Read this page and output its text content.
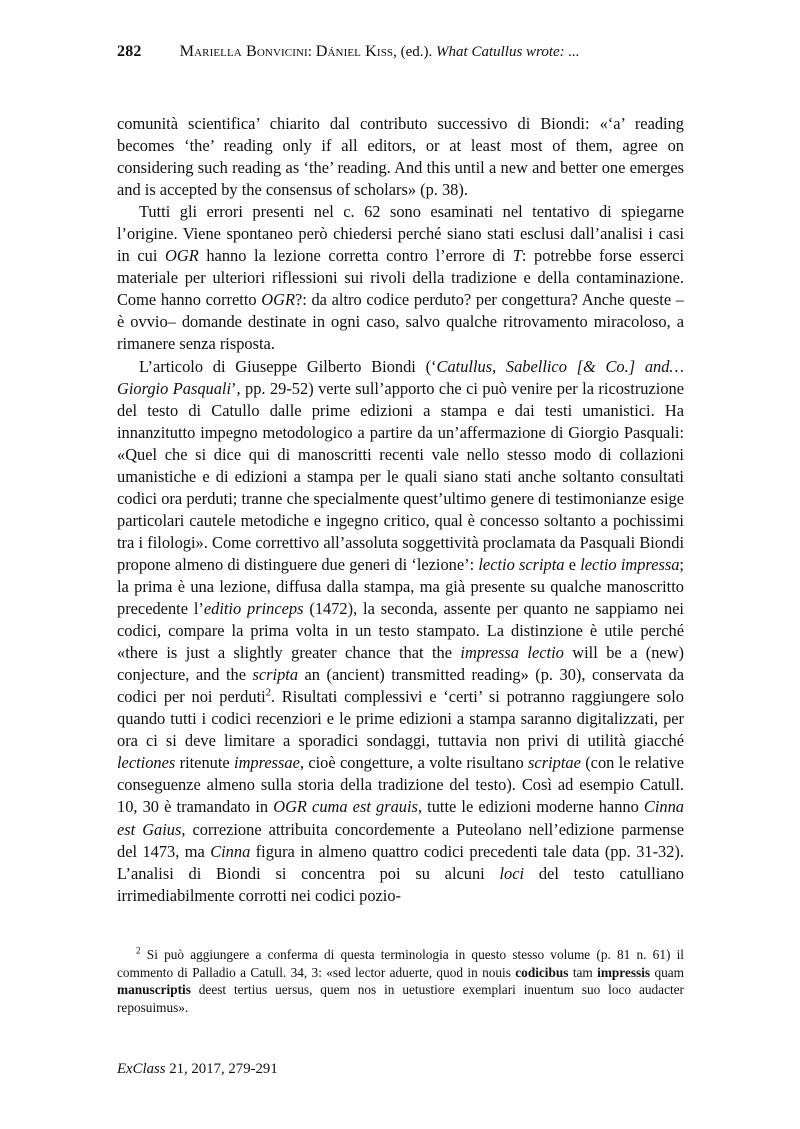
282 Mariella Bonvicini: Dániel Kiss, (ed.). What Catullus wrote: ...

comunità scientifica’ chiarito dal contributo successivo di Biondi: «‘a’ reading becomes ‘the’ reading only if all editors, or at least most of them, agree on considering such reading as ‘the’ reading. And this until a new and better one emerges and is accepted by the consensus of scholars» (p. 38).

Tutti gli errori presenti nel c. 62 sono esaminati nel tentativo di spiegarne l’origine. Viene spontaneo però chiedersi perché siano stati esclusi dall’analisi i casi in cui OGR hanno la lezione corretta contro l’errore di T: potrebbe forse esserci materiale per ulteriori riflessioni sui rivoli della tradizione e della contaminazione. Come hanno corretto OGR?: da altro codice perduto? per congettura? Anche queste –è ovvio– domande destinate in ogni caso, salvo qualche ritrovamento miracoloso, a rimanere senza risposta.

L’articolo di Giuseppe Gilberto Biondi (‘Catullus, Sabellico [& Co.] and… Giorgio Pasquali’, pp. 29-52) verte sull’apporto che ci può venire per la ricostruzione del testo di Catullo dalle prime edizioni a stampa e dai testi umanistici. Ha innanzitutto impegno metodologico a partire da un’affermazione di Giorgio Pasquali: «Quel che si dice qui di manoscritti recenti vale nello stesso modo di collazioni umanistiche e di edizioni a stampa per le quali siano stati anche soltanto consultati codici ora perduti; tranne che specialmente quest’ultimo genere di testimonianze esige particolari cautele metodiche e ingegno critico, qual è concesso soltanto a pochissimi tra i filologi». Come correttivo all’assoluta soggettività proclamata da Pasquali Biondi propone almeno di distinguere due generi di ‘lezione’: lectio scripta e lectio impressa; la prima è una lezione, diffusa dalla stampa, ma già presente su qualche manoscritto precedente l’editio princeps (1472), la seconda, assente per quanto ne sappiamo nei codici, compare la prima volta in un testo stampato. La distinzione è utile perché «there is just a slightly greater chance that the impressa lectio will be a (new) conjecture, and the scripta an (ancient) transmitted reading» (p. 30), conservata da codici per noi perduti$^2$. Risultati complessivi e ‘certi’ si potranno raggiungere solo quando tutti i codici recenziori e le prime edizioni a stampa saranno digitalizzati, per ora ci si deve limitare a sporadici sondaggi, tuttavia non privi di utilità giacché lectiones ritenute impressae, cioè congetture, a volte risultano scriptae (con le relative conseguenze almeno sulla storia della tradizione del testo). Così ad esempio Catull. 10, 30 è tramandato in OGR cuma est grauis, tutte le edizioni moderne hanno Cinna est Gaius, correzione attribuita concordemente a Puteolano nell’edizione parmense del 1473, ma Cinna figura in almeno quattro codici precedenti tale data (pp. 31-32). L’analisi di Biondi si concentra poi su alcuni loci del testo catulliano irrimediabilmente corrotti nei codici pozio-

$^2$ Si può aggiungere a conferma di questa terminologia in questo stesso volume (p. 81 n. 61) il commento di Palladio a Catull. 34, 3: «sed lector aduerte, quod in nouis codicibus tam impressis quam manuscriptis deest tertius uersus, quem nos in uetustiore exemplari inuentum suo loco audacter reposuimus».

ExClass 21, 2017, 279-291
